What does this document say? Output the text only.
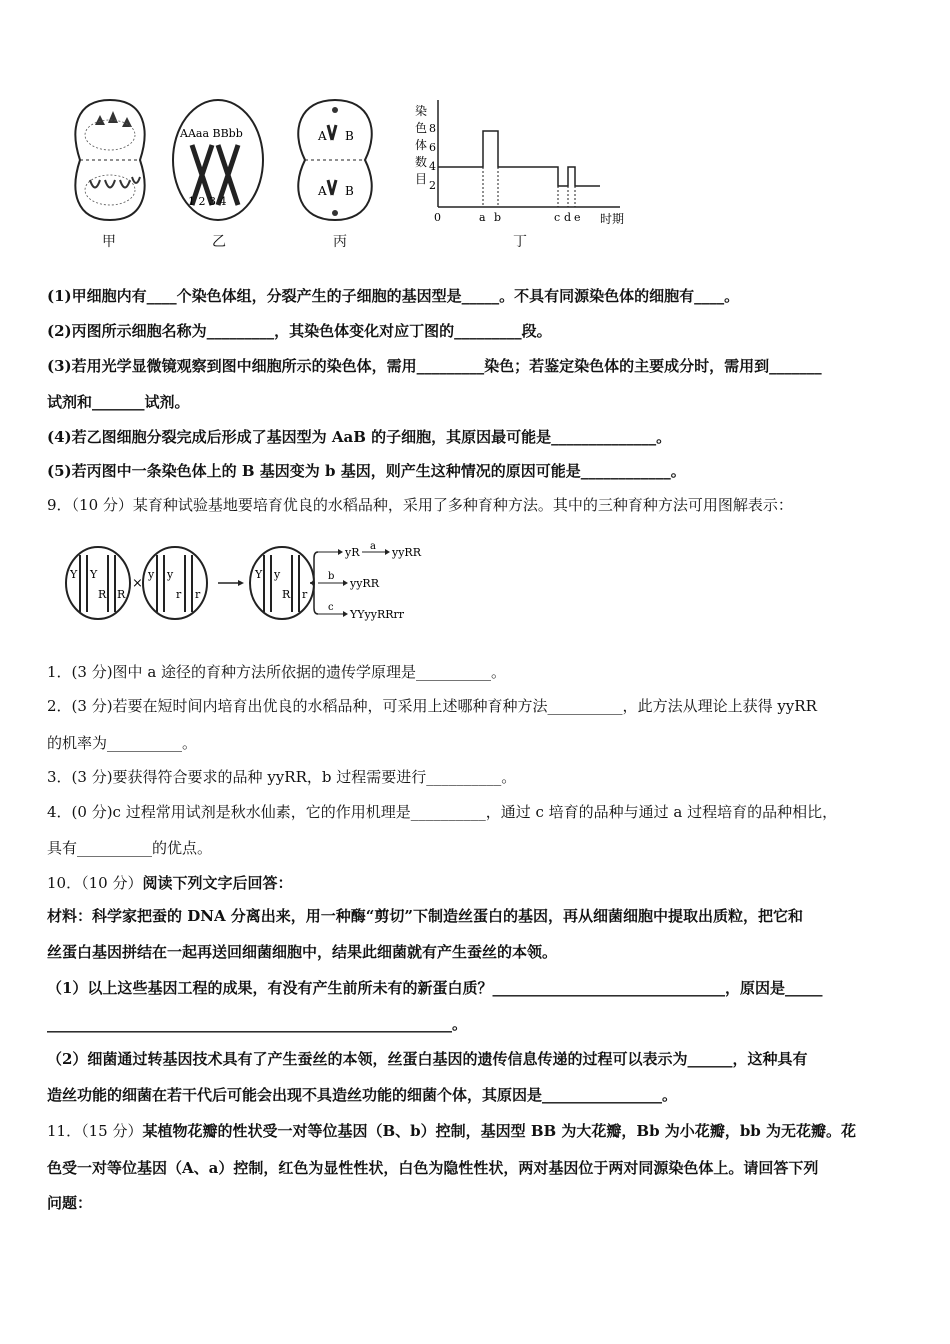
AAaa BBbb
1 2 3 4
A B
A B
染
色
体
数
目
8
6
4
2
0	a b	c d e 时期
甲	乙	丙	丁
(1)甲细胞内有____个染色体组，分裂产生的子细胞的基因型是_____。不具有同源染色体的细胞有____。
(2)丙图所示细胞名称为_________，其染色体变化对应丁图的_________段。
(3)若用光学显微镜观察到图中细胞所示的染色体，需用_________染色；若鉴定染色体的主要成分时，需用到_______
试剂和_______试剂。
(4)若乙图细胞分裂完成后形成了基因型为 AaB 的子细胞，其原因最可能是______________。
(5)若丙图中一条染色体上的 B 基因变为 b 基因，则产生这种情况的原因可能是____________。
9．（10 分）某育种试验基地要培育优良的水稻品种，采用了多种育种方法。其中的三种育种方法可用图解表示：
Y Y
R R
×
y y
r r
Y y
R r
yR a yyRR
b
yyRR
c
YYyyRRrr
1．(3 分)图中 a 途径的育种方法所依据的遗传学原理是__________。
2．(3 分)若要在短时间内培育出优良的水稻品种，可采用上述哪种育种方法__________，此方法从理论上获得 yyRR
的机率为__________。
3．(3 分)要获得符合要求的品种 yyRR，b 过程需要进行__________。
4．(0 分)c 过程常用试剂是秋水仙素，它的作用机理是__________，通过 c 培育的品种与通过 a 过程培育的品种相比，
具有__________的优点。
10．（10 分）阅读下列文字后回答：
材料：科学家把蚕的 DNA 分离出来，用一种酶“剪切”下制造丝蛋白的基因，再从细菌细胞中提取出质粒，把它和
丝蛋白基因拼结在一起再送回细菌细胞中，结果此细菌就有产生蚕丝的本领。
（1）以上这些基因工程的成果，有没有产生前所未有的新蛋白质？_______________________________，原因是_____
______________________________________________________。
（2）细菌通过转基因技术具有了产生蚕丝的本领，丝蛋白基因的遗传信息传递的过程可以表示为______，这种具有
造丝功能的细菌在若干代后可能会出现不具造丝功能的细菌个体，其原因是________________。
11．（15 分）某植物花瓣的性状受一对等位基因（B、b）控制，基因型 BB 为大花瓣，Bb 为小花瓣，bb 为无花瓣。花
色受一对等位基因（A、a）控制，红色为显性性状，白色为隐性性状，两对基因位于两对同源染色体上。请回答下列
问题：
